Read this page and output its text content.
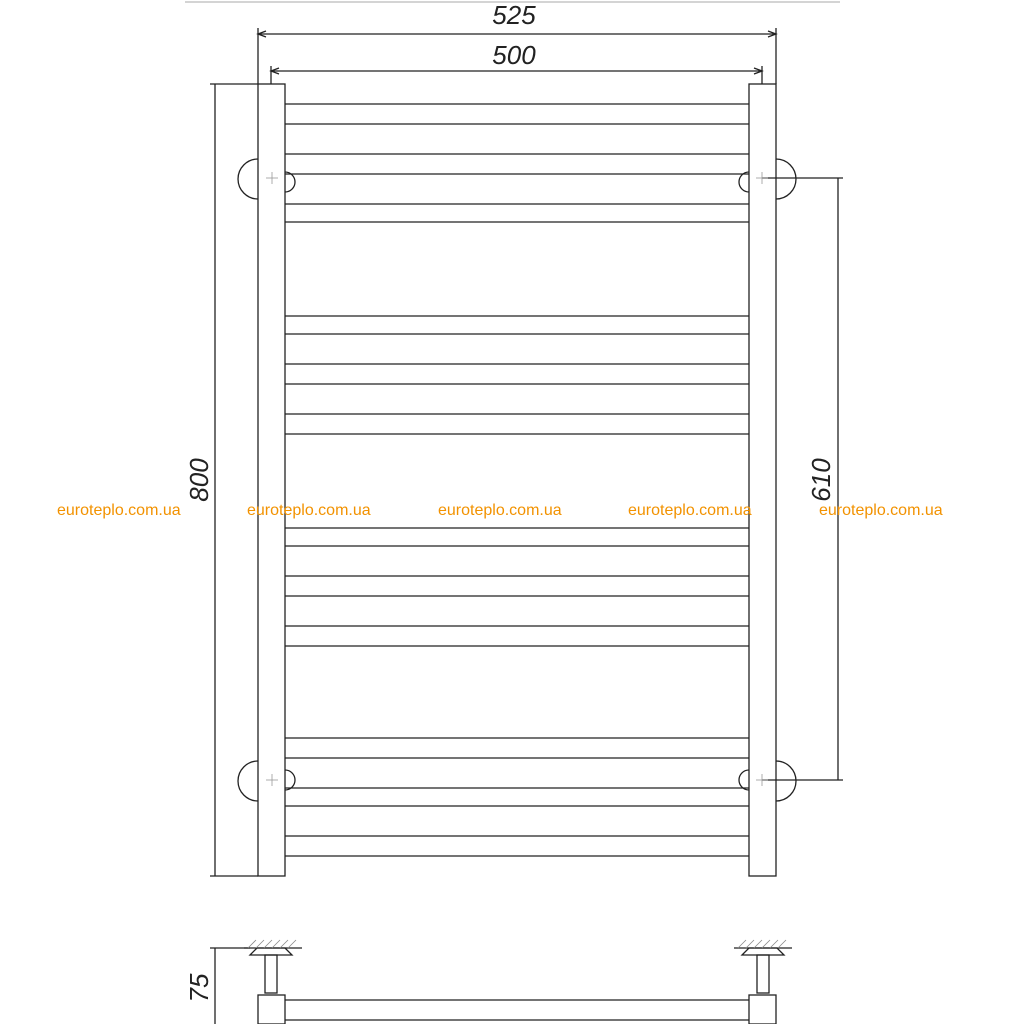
525
500
800	610
75
euroteplo.com.ua	euroteplo.com.ua	euroteplo.com.ua	euroteplo.com.ua	euroteplo.com.ua
